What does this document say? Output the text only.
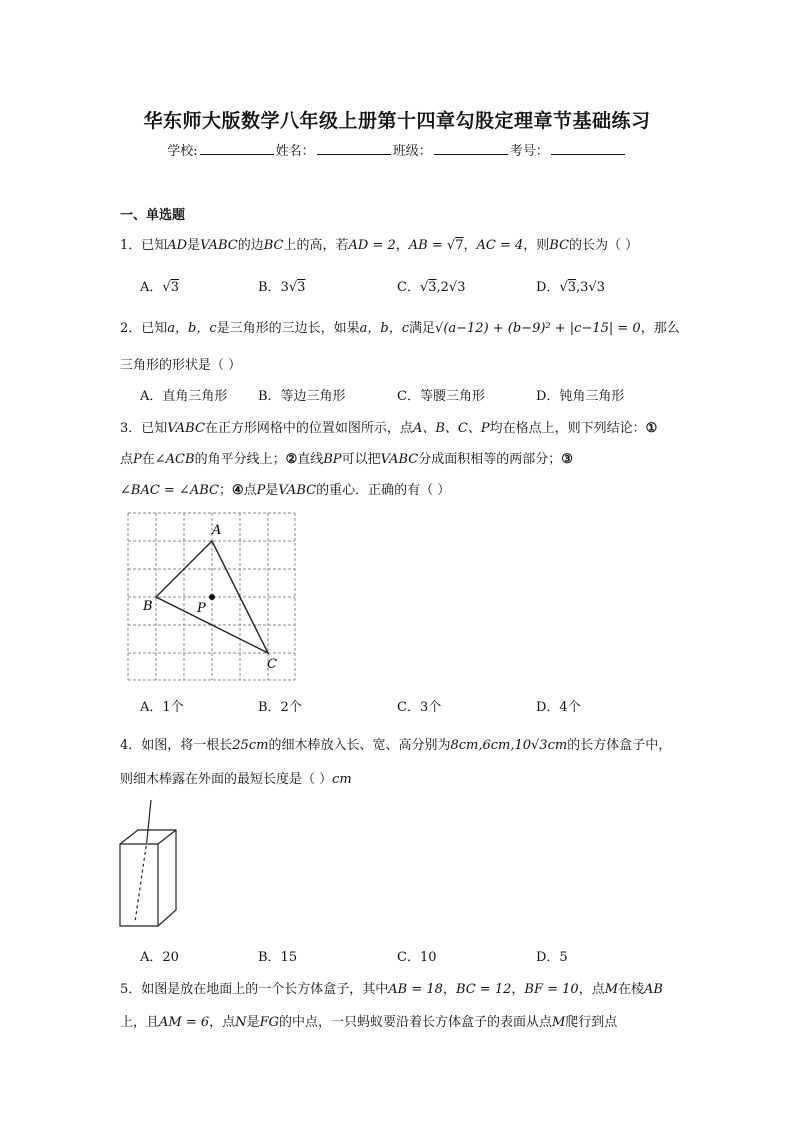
华东师大版数学八年级上册第十四章勾股定理章节基础练习
学校:	姓名：	班级：	考号：
一、单选题
1．已知AD是VABC的边BC上的高，若AD = 2，AB = √7，AC = 4，则BC的长为（ ）
A．√3	B．3√3	C．√3,2√3	D．√3,3√3
2．已知a，b，c是三角形的三边长，如果a，b，c满足√(a−12) + (b−9)² + |c−15| = 0，那么
三角形的形状是（ ）
A．直角三角形 B．等边三角形	C．等腰三角形	D．钝角三角形
3．已知VABC在正方形网格中的位置如图所示，点A、B、C、P均在格点上，则下列结论：①
点P在∠ACB的角平分线上；②直线BP可以把VABC分成面积相等的两部分；③
∠BAC = ∠ABC；④点P是VABC的重心．正确的有（ ）
A
B	P
C
A．1个	B．2个	C．3个	D．4个
4．如图，将一根长25cm的细木棒放入长、宽、高分别为8cm,6cm,10√3cm的长方体盒子中，
则细木棒露在外面的最短长度是（ ）cm
A．20	B．15	C．10	D．5
5．如图是放在地面上的一个长方体盒子，其中AB = 18，BC = 12，BF = 10，点M在棱AB
上，且AM = 6，点N是FG的中点，一只蚂蚁要沿着长方体盒子的表面从点M爬行到点
